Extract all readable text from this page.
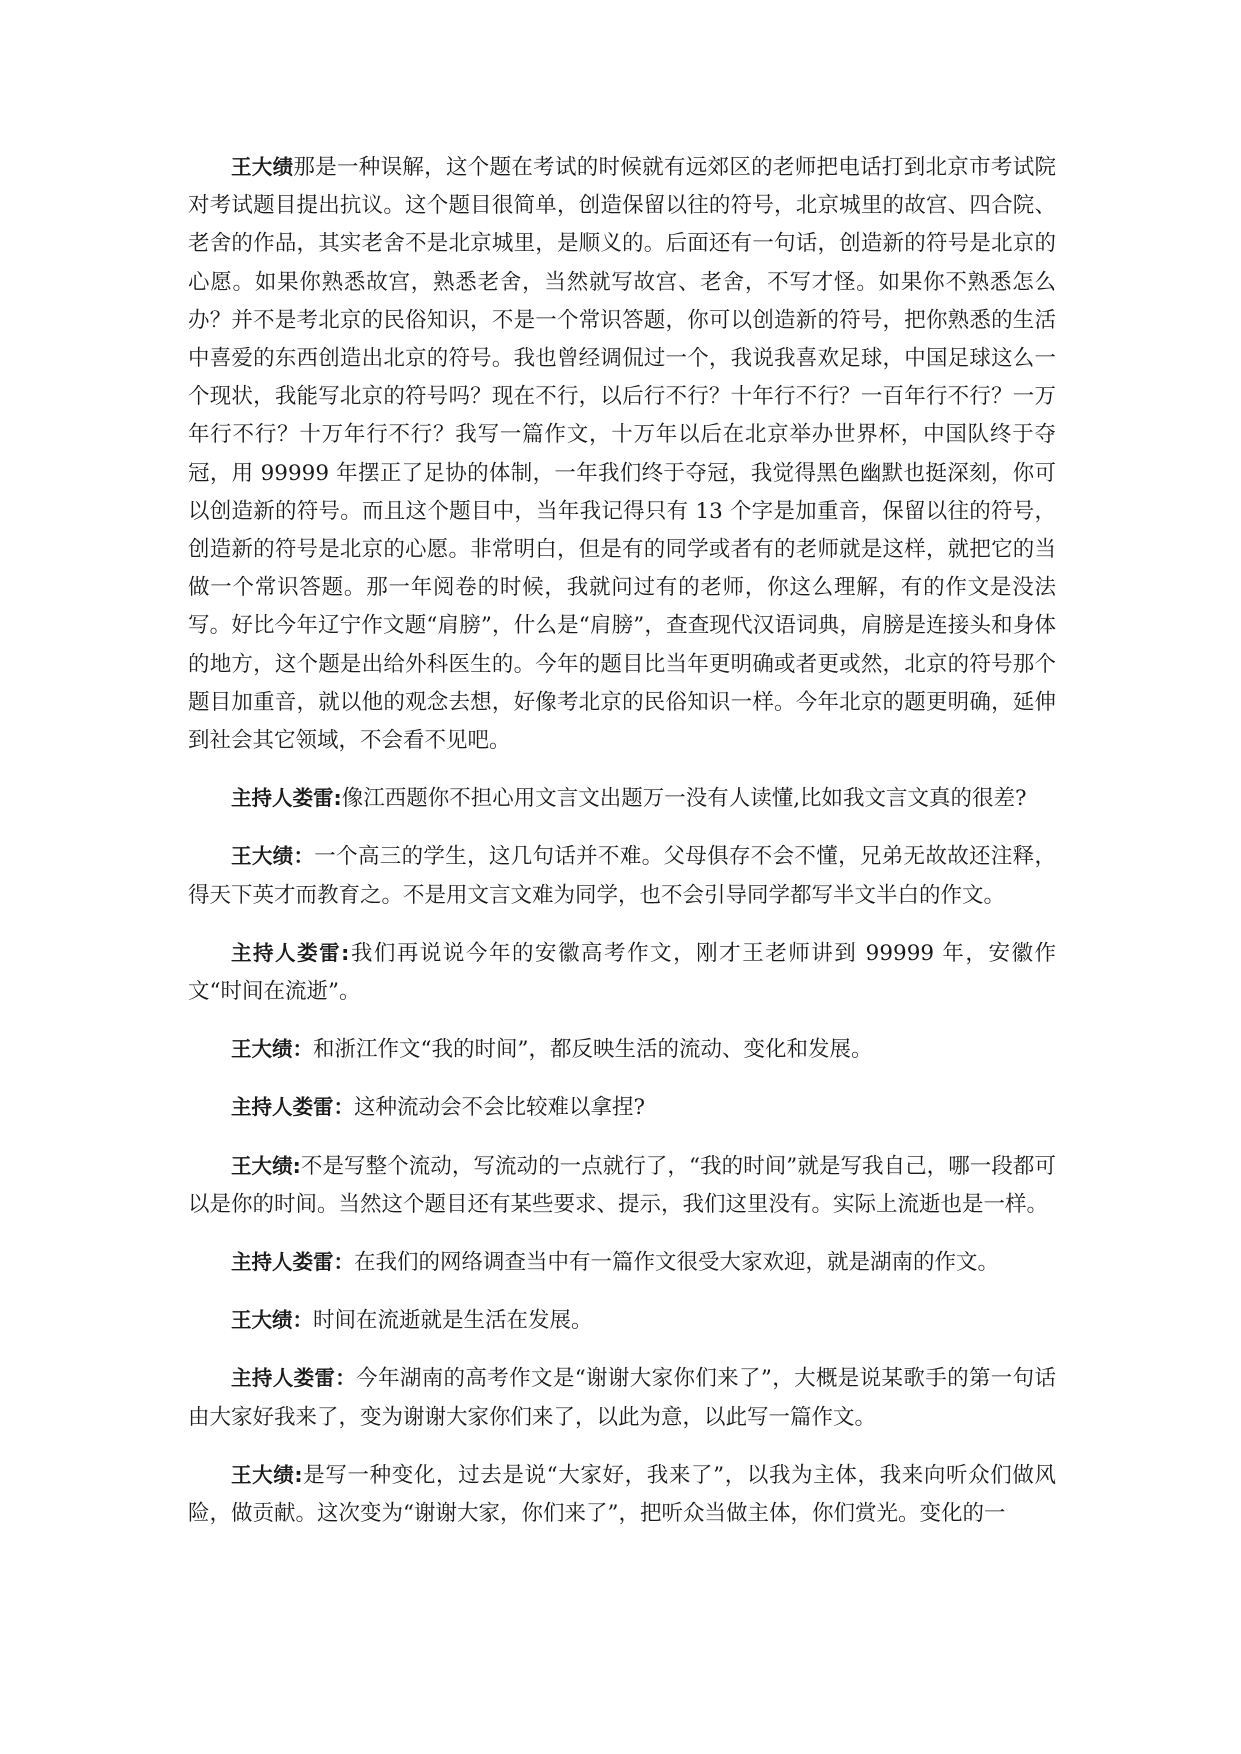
王大绩那是一种误解，这个题在考试的时候就有远郊区的老师把电话打到北京市考试院对考试题目提出抗议。这个题目很简单，创造保留以往的符号，北京城里的故宫、四合院、老舍的作品，其实老舍不是北京城里，是顺义的。后面还有一句话，创造新的符号是北京的心愿。如果你熟悉故宫，熟悉老舍，当然就写故宫、老舍，不写才怪。如果你不熟悉怎么办？并不是考北京的民俗知识，不是一个常识答题，你可以创造新的符号，把你熟悉的生活中喜爱的东西创造出北京的符号。我也曾经调侃过一个，我说我喜欢足球，中国足球这么一个现状，我能写北京的符号吗？现在不行，以后行不行？十年行不行？一百年行不行？一万年行不行？十万年行不行？我写一篇作文，十万年以后在北京举办世界杯，中国队终于夺冠，用 99999 年摆正了足协的体制，一年我们终于夺冠，我觉得黑色幽默也挺深刻，你可以创造新的符号。而且这个题目中，当年我记得只有 13 个字是加重音，保留以往的符号，创造新的符号是北京的心愿。非常明白，但是有的同学或者有的老师就是这样，就把它的当做一个常识答题。那一年阅卷的时候，我就问过有的老师，你这么理解，有的作文是没法写。好比今年辽宁作文题“肩膀”，什么是“肩膀”，查查现代汉语词典，肩膀是连接头和身体的地方，这个题是出给外科医生的。今年的题目比当年更明确或者更或然，北京的符号那个题目加重音，就以他的观念去想，好像考北京的民俗知识一样。今年北京的题更明确，延伸到社会其它领域，不会看不见吧。

主持人娄雷:像江西题你不担心用文言文出题万一没有人读懂,比如我文言文真的很差?

王大绩：一个高三的学生，这几句话并不难。父母俱存不会不懂，兄弟无故故还注释，得天下英才而教育之。不是用文言文难为同学，也不会引导同学都写半文半白的作文。

主持人娄雷:我们再说说今年的安徽高考作文，刚才王老师讲到 99999 年，安徽作文“时间在流逝”。

王大绩：和浙江作文“我的时间”，都反映生活的流动、变化和发展。

主持人娄雷：这种流动会不会比较难以拿捏?

王大绩:不是写整个流动，写流动的一点就行了，“我的时间”就是写我自己，哪一段都可以是你的时间。当然这个题目还有某些要求、提示，我们这里没有。实际上流逝也是一样。

主持人娄雷：在我们的网络调查当中有一篇作文很受大家欢迎，就是湖南的作文。

王大绩：时间在流逝就是生活在发展。

主持人娄雷：今年湖南的高考作文是“谢谢大家你们来了”，大概是说某歌手的第一句话由大家好我来了，变为谢谢大家你们来了，以此为意，以此写一篇作文。

王大绩:是写一种变化，过去是说“大家好，我来了”，以我为主体，我来向听众们做风险，做贡献。这次变为“谢谢大家，你们来了”，把听众当做主体，你们赏光。变化的一
